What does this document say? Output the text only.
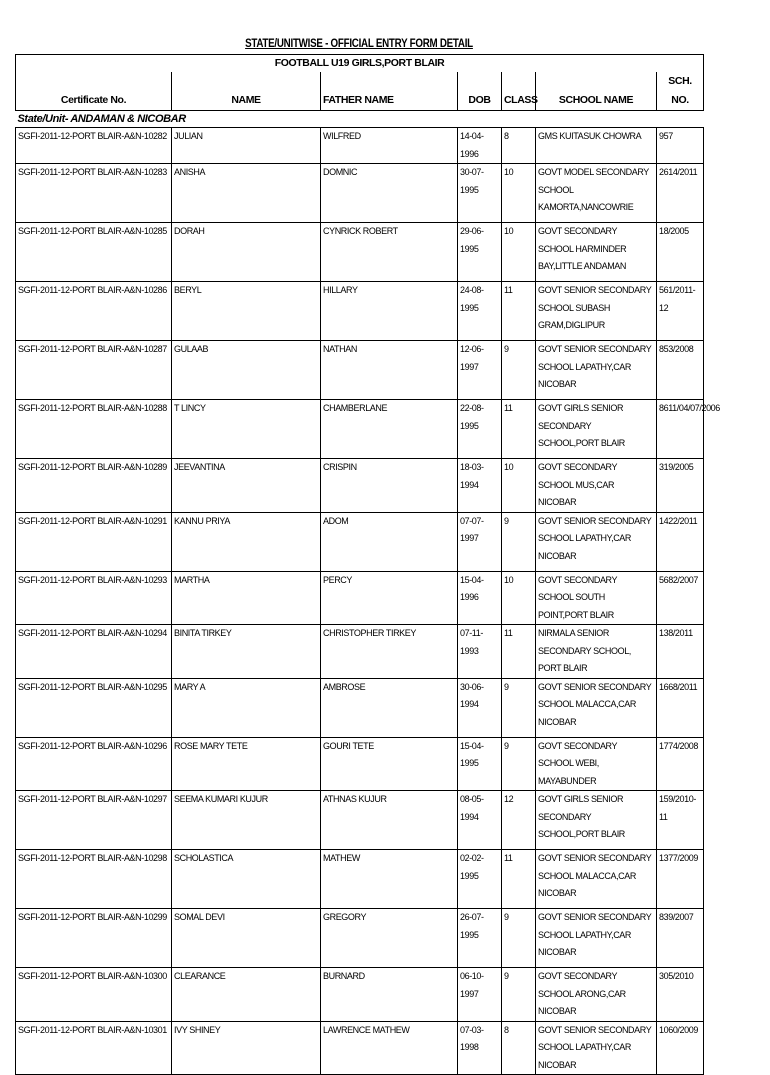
STATE/UNITWISE - OFFICIAL ENTRY FORM DETAIL
FOOTBALL U19 GIRLS,PORT BLAIR						
Certificate No.	NAME	FATHER NAME	DOB	CLASS	SCHOOL NAME	SCH. NO.
State/Unit- ANDAMAN & NICOBAR						
SGFI-2011-12-PORT BLAIR-A&N-10282	JULIAN	WILFRED	14-04-1996	8	GMS KUITASUK CHOWRA	957
SGFI-2011-12-PORT BLAIR-A&N-10283	ANISHA	DOMNIC	30-07-1995	10	GOVT MODEL SECONDARY SCHOOL KAMORTA,NANCOWRIE	2614/2011
SGFI-2011-12-PORT BLAIR-A&N-10285	DORAH	CYNRICK ROBERT	29-06-1995	10	GOVT SECONDARY SCHOOL HARMINDER BAY,LITTLE ANDAMAN	18/2005
SGFI-2011-12-PORT BLAIR-A&N-10286	BERYL	HILLARY	24-08-1995	11	GOVT SENIOR SECONDARY SCHOOL SUBASH GRAM,DIGLIPUR	561/2011-12
SGFI-2011-12-PORT BLAIR-A&N-10287	GULAAB	NATHAN	12-06-1997	9	GOVT SENIOR SECONDARY SCHOOL LAPATHY,CAR NICOBAR	853/2008
SGFI-2011-12-PORT BLAIR-A&N-10288	T LINCY	CHAMBERLANE	22-08-1995	11	GOVT GIRLS SENIOR SECONDARY SCHOOL,PORT BLAIR	8611/04/07/2006
SGFI-2011-12-PORT BLAIR-A&N-10289	JEEVANTINA	CRISPIN	18-03-1994	10	GOVT SECONDARY SCHOOL MUS,CAR NICOBAR	319/2005
SGFI-2011-12-PORT BLAIR-A&N-10291	KANNU PRIYA	ADOM	07-07-1997	9	GOVT SENIOR SECONDARY SCHOOL LAPATHY,CAR NICOBAR	1422/2011
SGFI-2011-12-PORT BLAIR-A&N-10293	MARTHA	PERCY	15-04-1996	10	GOVT SECONDARY SCHOOL SOUTH POINT,PORT BLAIR	5682/2007
SGFI-2011-12-PORT BLAIR-A&N-10294	BINITA TIRKEY	CHRISTOPHER TIRKEY	07-11-1993	11	NIRMALA SENIOR SECONDARY SCHOOL, PORT BLAIR	138/2011
SGFI-2011-12-PORT BLAIR-A&N-10295	MARY A	AMBROSE	30-06-1994	9	GOVT SENIOR SECONDARY SCHOOL MALACCA,CAR NICOBAR	1668/2011
SGFI-2011-12-PORT BLAIR-A&N-10296	ROSE MARY TETE	GOURI TETE	15-04-1995	9	GOVT SECONDARY SCHOOL WEBI, MAYABUNDER	1774/2008
SGFI-2011-12-PORT BLAIR-A&N-10297	SEEMA KUMARI KUJUR	ATHNAS KUJUR	08-05-1994	12	GOVT GIRLS SENIOR SECONDARY SCHOOL,PORT BLAIR	159/2010-11
SGFI-2011-12-PORT BLAIR-A&N-10298	SCHOLASTICA	MATHEW	02-02-1995	11	GOVT SENIOR SECONDARY SCHOOL MALACCA,CAR NICOBAR	1377/2009
SGFI-2011-12-PORT BLAIR-A&N-10299	SOMAL DEVI	GREGORY	26-07-1995	9	GOVT SENIOR SECONDARY SCHOOL LAPATHY,CAR NICOBAR	839/2007
SGFI-2011-12-PORT BLAIR-A&N-10300	CLEARANCE	BURNARD	06-10-1997	9	GOVT SECONDARY SCHOOL ARONG,CAR NICOBAR	305/2010
SGFI-2011-12-PORT BLAIR-A&N-10301	IVY SHINEY	LAWRENCE MATHEW	07-03-1998	8	GOVT SENIOR SECONDARY SCHOOL LAPATHY,CAR NICOBAR	1060/2009
